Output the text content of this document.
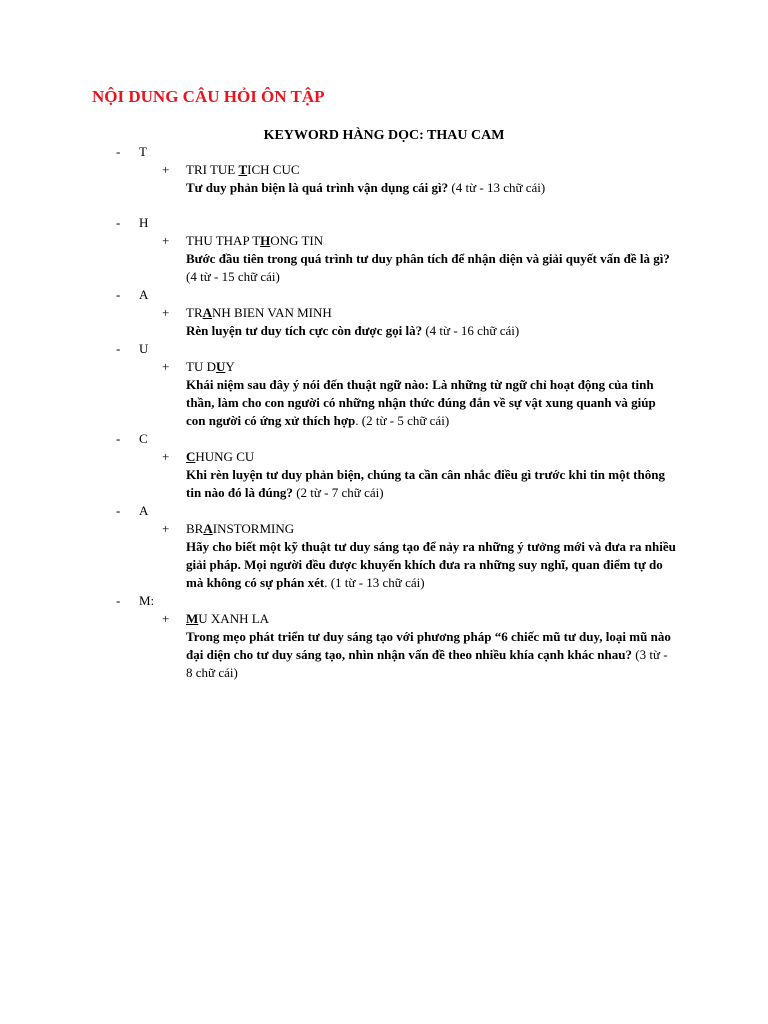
NỘI DUNG CÂU HỎI ÔN TẬP
KEYWORD HÀNG DỌC: THAU CAM
- T
+ TRI TUE TICH CUC
Tư duy phản biện là quá trình vận dụng cái gì? (4 từ - 13 chữ cái)
- H
+ THU THAP THONG TIN
Bước đầu tiên trong quá trình tư duy phân tích để nhận diện và giải quyết vấn đề là gì? (4 từ - 15 chữ cái)
- A
+ TRANH BIEN VAN MINH
Rèn luyện tư duy tích cực còn được gọi là? (4 từ - 16 chữ cái)
- U
+ TU DUY
Khái niệm sau đây ý nói đến thuật ngữ nào: Là những từ ngữ chỉ hoạt động của tinh thần, làm cho con người có những nhận thức đúng đắn về sự vật xung quanh và giúp con người có ứng xử thích hợp. (2 từ - 5 chữ cái)
- C
+ CHUNG CU
Khi rèn luyện tư duy phản biện, chúng ta cần cân nhắc điều gì trước khi tin một thông tin nào đó là đúng? (2 từ - 7 chữ cái)
- A
+ BRAINSTORMING
Hãy cho biết một kỹ thuật tư duy sáng tạo để nảy ra những ý tưởng mới và đưa ra nhiều giải pháp. Mọi người đều được khuyến khích đưa ra những suy nghĩ, quan điểm tự do mà không có sự phán xét. (1 từ - 13 chữ cái)
- M:
+ MU XANH LA
Trong mẹo phát triển tư duy sáng tạo với phương pháp “6 chiếc mũ tư duy, loại mũ nào đại diện cho tư duy sáng tạo, nhìn nhận vấn đề theo nhiều khía cạnh khác nhau? (3 từ - 8 chữ cái)
